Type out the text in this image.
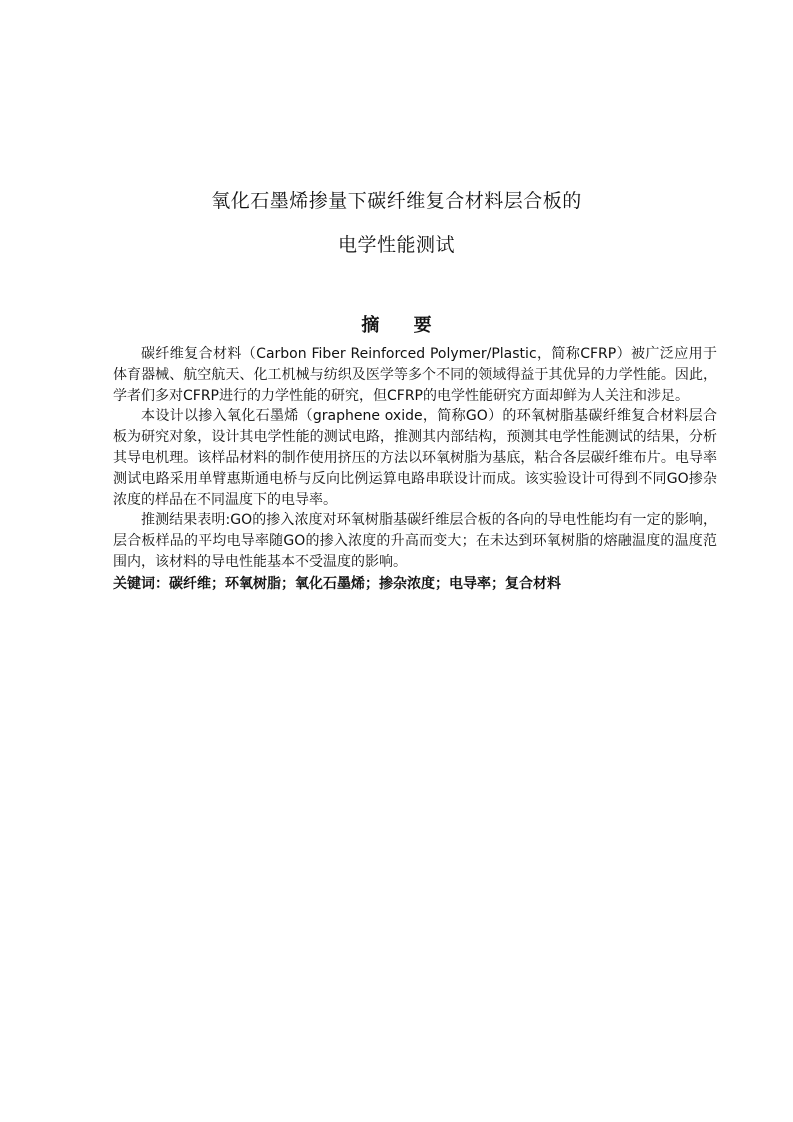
氧化石墨烯掺量下碳纤维复合材料层合板的
电学性能测试
摘 要

碳纤维复合材料（Carbon Fiber Reinforced Polymer/Plastic，简称CFRP）被广泛应用于体育器械、航空航天、化工机械与纺织及医学等多个不同的领域得益于其优异的力学性能。因此，学者们多对CFRP进行的力学性能的研究，但CFRP的电学性能研究方面却鲜为人关注和涉足。

本设计以掺入氧化石墨烯（graphene oxide，简称GO）的环氧树脂基碳纤维复合材料层合板为研究对象，设计其电学性能的测试电路，推测其内部结构，预测其电学性能测试的结果，分析其导电机理。该样品材料的制作使用挤压的方法以环氧树脂为基底，粘合各层碳纤维布片。电导率测试电路采用单臂惠斯通电桥与反向比例运算电路串联设计而成。该实验设计可得到不同GO掺杂浓度的样品在不同温度下的电导率。

推测结果表明:GO的掺入浓度对环氧树脂基碳纤维层合板的各向的导电性能均有一定的影响，层合板样品的平均电导率随GO的掺入浓度的升高而变大；在未达到环氧树脂的熔融温度的温度范围内，该材料的导电性能基本不受温度的影响。

关键词：碳纤维；环氧树脂；氧化石墨烯；掺杂浓度；电导率；复合材料
